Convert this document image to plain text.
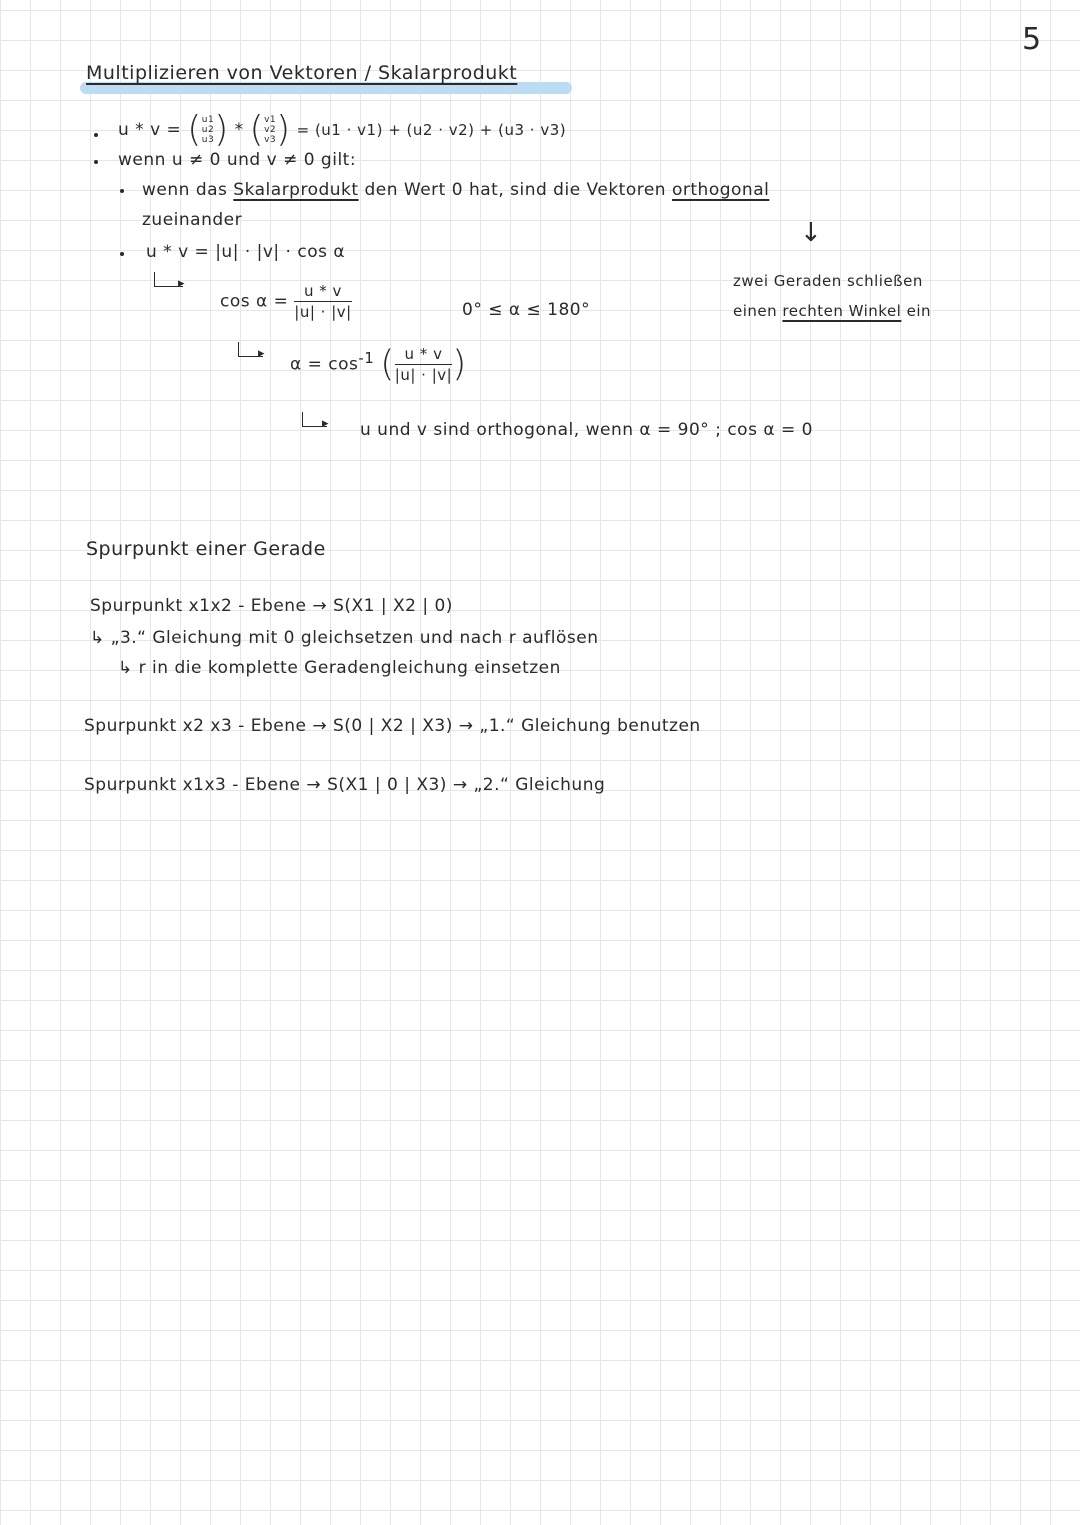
5
Multiplizieren von Vektoren / Skalarprodukt
u * v = (u1
u2
u3) * (v1
v2
v3) = (u1 · v1) + (u2 · v2) + (u3 · v3)
wenn u ≠ 0 und v ≠ 0 gilt:
wenn das Skalarprodukt den Wert 0 hat, sind die Vektoren orthogonal
zueinander	↓
zwei Geraden schließen
einen rechten Winkel ein
u * v = |u| · |v| · cos α
▸
$\cos \alpha = \frac{u * v}{|u| \cdot |v|}$	0° ≤ α ≤ 180°
▸
$\alpha = \cos^{-1}$ ( $\frac{u * v}{|u| \cdot |v|}$ )
▸ u und v sind orthogonal, wenn α = 90° ; cos α = 0
Spurpunkt einer Gerade
Spurpunkt x1x2 - Ebene → S(X1 | X2 | 0)
↳ „3.“ Gleichung mit 0 gleichsetzen und nach r auflösen
↳ r in die komplette Geradengleichung einsetzen
Spurpunkt x2 x3 - Ebene → S(0 | X2 | X3) → „1.“ Gleichung benutzen
Spurpunkt x1x3 - Ebene → S(X1 | 0 | X3) → „2.“ Gleichung
